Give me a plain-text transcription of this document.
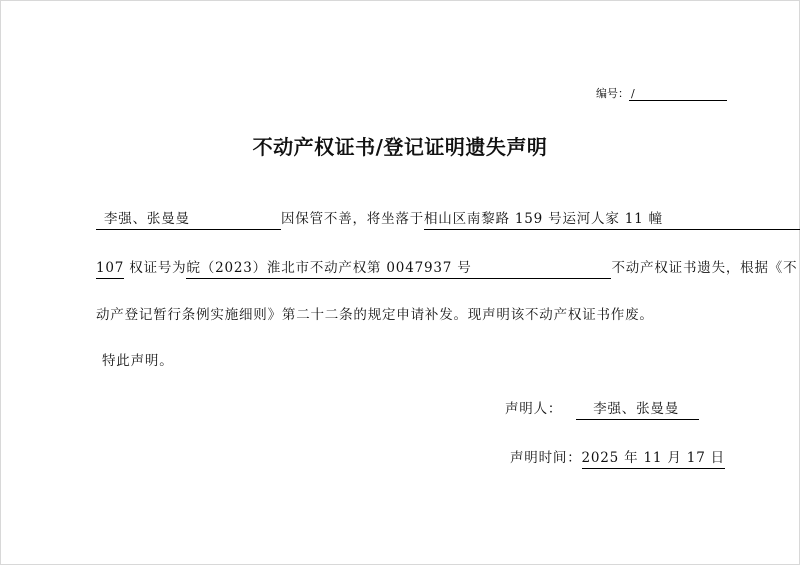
编号： /
不动产权证书/登记证明遗失声明
李强、张曼曼	因保管不善，将坐落于相山区南黎路 159 号运河人家 11 幢
107 权证号为皖（2023）淮北市不动产权第 0047937 号	不动产权证书遗失，根据《不
动产登记暂行条例实施细则》第二十二条的规定申请补发。现声明该不动产权证书作废。
特此声明。
声明人： 李强、张曼曼
声明时间：2025 年 11 月 17 日
